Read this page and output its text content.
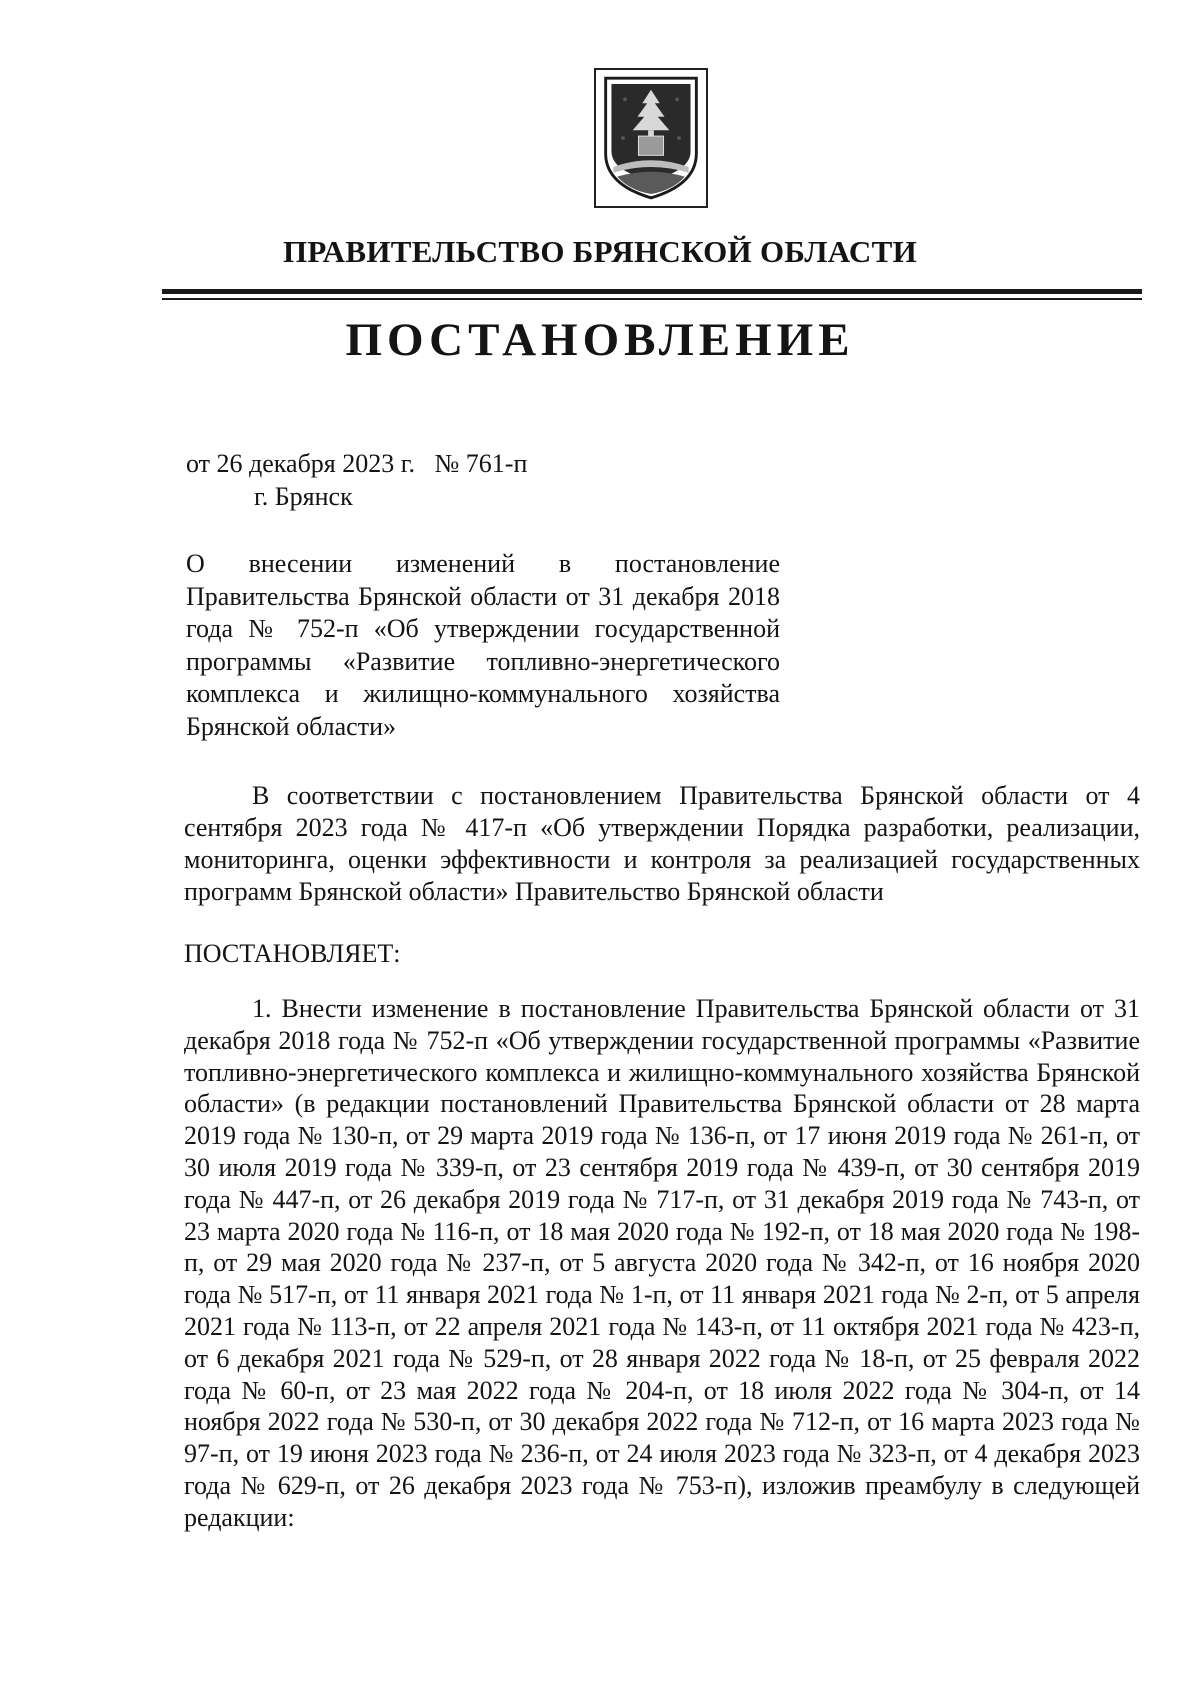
ПРАВИТЕЛЬСТВО БРЯНСКОЙ ОБЛАСТИ
ПОСТАНОВЛЕНИЕ
от 26 декабря 2023 г. № 761-п
г. Брянск

О внесении изменений в постановление Правительства Брянской области от 31 декабря 2018 года № 752-п «Об утверждении государственной программы «Развитие топливно-энергетического комплекса и жилищно-коммунального хозяйства Брянской области»

В соответствии с постановлением Правительства Брянской области от 4 сентября 2023 года № 417-п «Об утверждении Порядка разработки, реализации, мониторинга, оценки эффективности и контроля за реализацией государственных программ Брянской области» Правительство Брянской области

ПОСТАНОВЛЯЕТ:

1. Внести изменение в постановление Правительства Брянской области от 31 декабря 2018 года № 752-п «Об утверждении государственной программы «Развитие топливно-энергетического комплекса и жилищно-коммунального хозяйства Брянской области» (в редакции постановлений Правительства Брянской области от 28 марта 2019 года № 130-п, от 29 марта 2019 года № 136-п, от 17 июня 2019 года № 261-п, от 30 июля 2019 года № 339-п, от 23 сентября 2019 года № 439-п, от 30 сентября 2019 года № 447-п, от 26 декабря 2019 года № 717-п, от 31 декабря 2019 года № 743-п, от 23 марта 2020 года № 116-п, от 18 мая 2020 года № 192-п, от 18 мая 2020 года № 198-п, от 29 мая 2020 года № 237-п, от 5 августа 2020 года № 342-п, от 16 ноября 2020 года № 517-п, от 11 января 2021 года № 1-п, от 11 января 2021 года № 2-п, от 5 апреля 2021 года № 113-п, от 22 апреля 2021 года № 143-п, от 11 октября 2021 года № 423-п, от 6 декабря 2021 года № 529-п, от 28 января 2022 года № 18-п, от 25 февраля 2022 года № 60-п, от 23 мая 2022 года № 204-п, от 18 июля 2022 года № 304-п, от 14 ноября 2022 года № 530-п, от 30 декабря 2022 года № 712-п, от 16 марта 2023 года № 97-п, от 19 июня 2023 года № 236-п, от 24 июля 2023 года № 323-п, от 4 декабря 2023 года № 629-п, от 26 декабря 2023 года № 753-п), изложив преамбулу в следующей редакции:
